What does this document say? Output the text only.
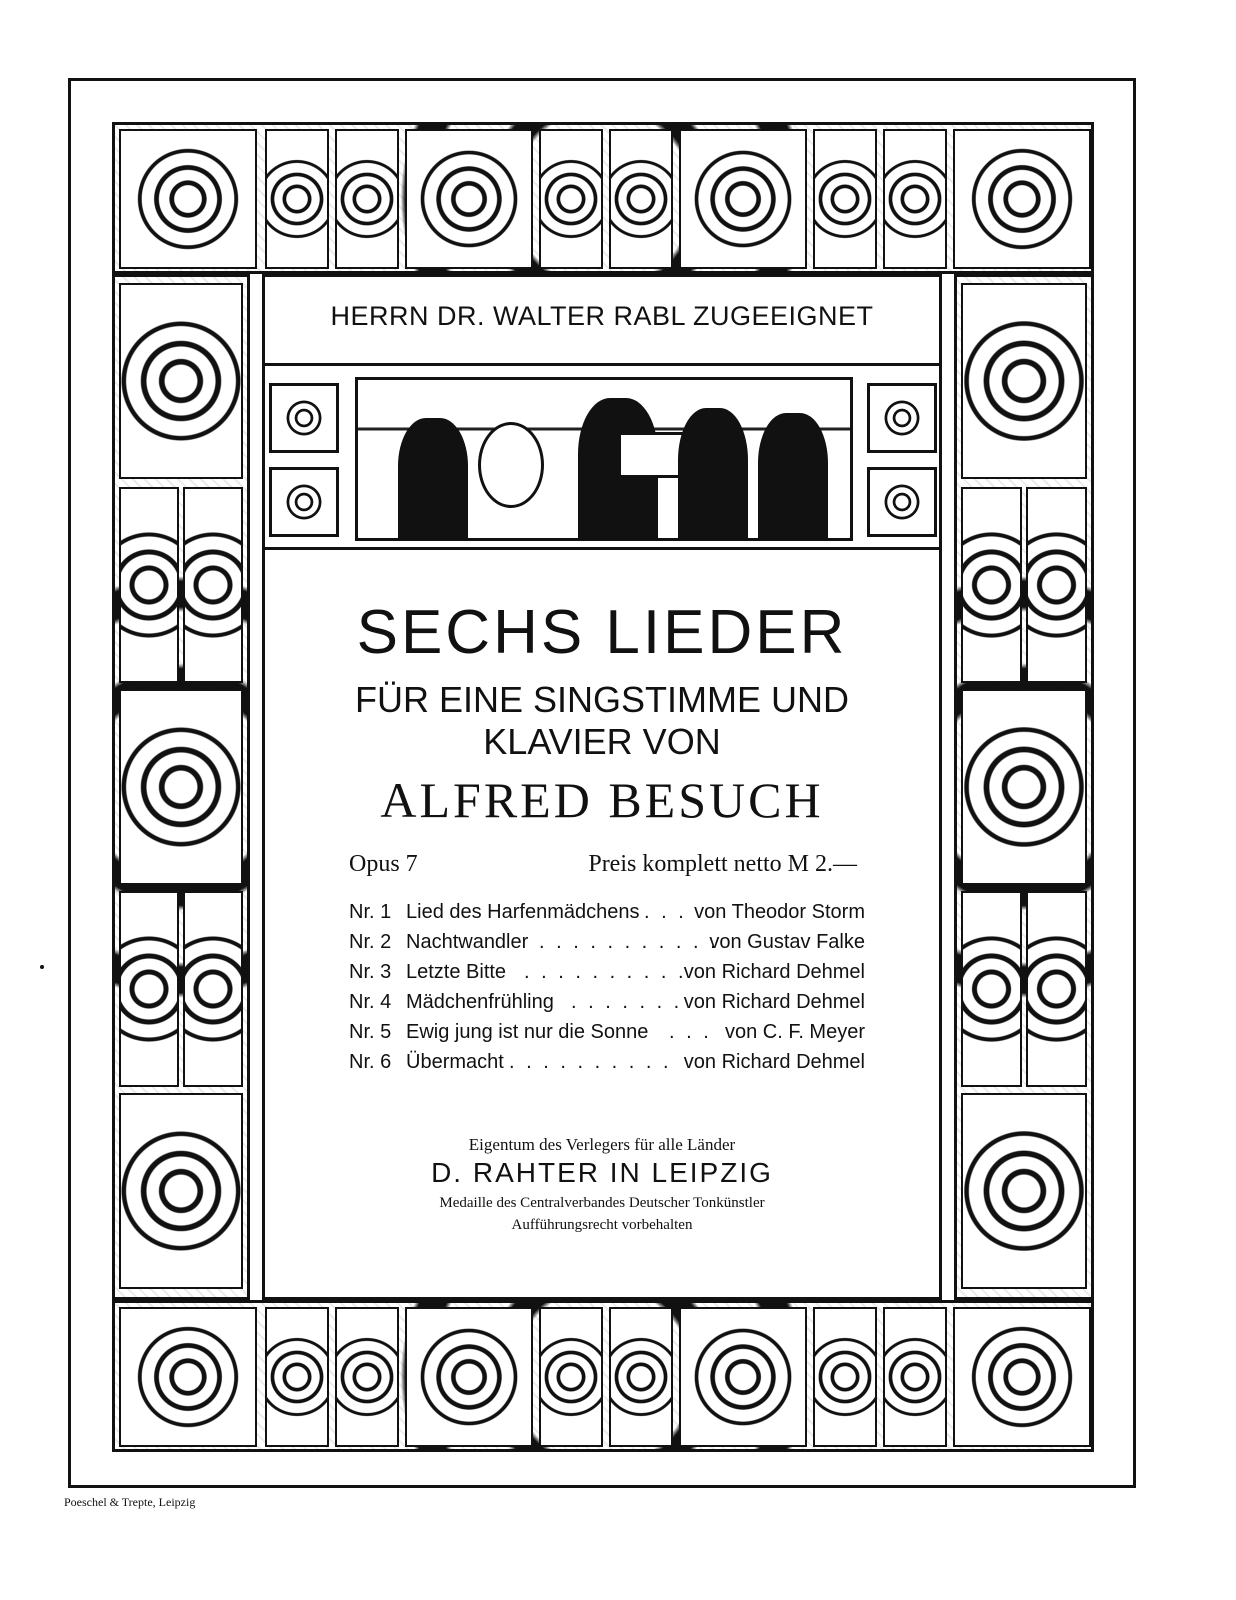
HERRN DR. WALTER RABL ZUGEEIGNET
SECHS LIEDER
FÜR EINE SINGSTIMME UND
KLAVIER VON
ALFRED BESUCH
Opus 7	Preis komplett netto M 2.—
Nr. 1 Lied des Harfenmädchens . . . von Theodor Storm
Nr. 2 Nachtwandler . . . . . . . . . . .
von Gustav Falke
Nr. 3 Letzte Bitte . . . . . . . . . .
von Richard Dehmel
Nr. 4 Mädchenfrühling . . . . . . . von Richard Dehmel
Nr. 5 Ewig jung ist nur die Sonne . . . von C. F. Meyer
Nr. 6 Übermacht . . . . . . . . . . von Richard Dehmel
Eigentum des Verlegers für alle Länder
D. RAHTER IN LEIPZIG
Medaille des Centralverbandes Deutscher Tonkünstler
Aufführungsrecht vorbehalten
Poeschel & Trepte, Leipzig
